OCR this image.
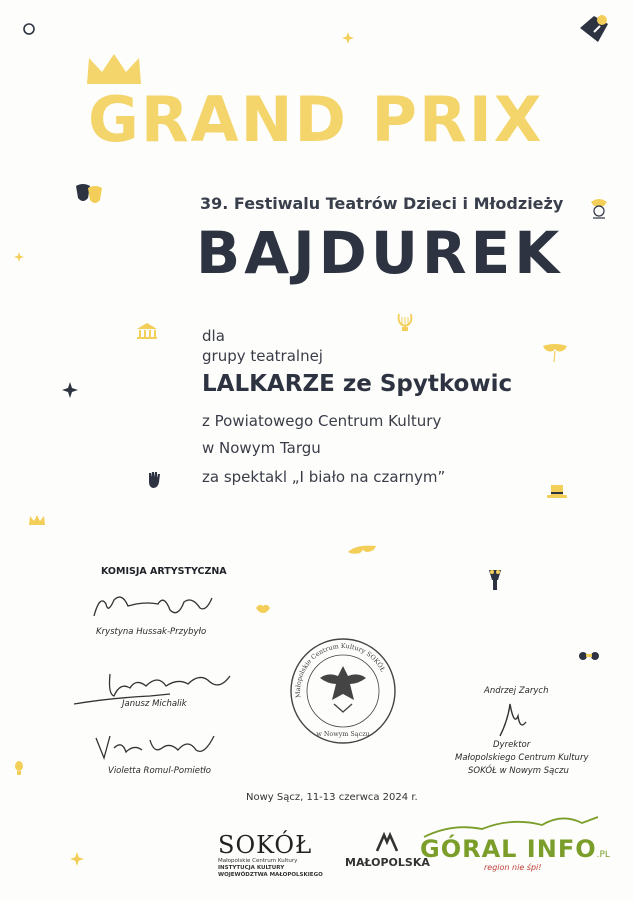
GRAND PRIX
39. Festiwalu Teatrów Dzieci i Młodzieży
BAJDUREK
dla
grupy teatralnej
LALKARZE ze Spytkowic
z Powiatowego Centrum Kultury
w Nowym Targu
za spektakl „I biało na czarnym”
KOMISJA ARTYSTYCZNA
Krystyna Hussak-Przybyło
Janusz Michalik
Violetta Romul-Pomietło
Małopolskie Centrum Kultury SOKÓŁ
w Nowym Sączu
Andrzej Zarych
Dyrektor
Małopolskiego Centrum Kultury
SOKÓŁ w Nowym Sączu
Nowy Sącz, 11-13 czerwca 2024 r.
SOKÓŁ
Małopolskie Centrum Kultury
INSTYTUCJA KULTURY
WOJEWÓDZTWA MAŁOPOLSKIEGO
MAŁOPOLSKA
GÓRAL INFO.PL
region nie śpi!
